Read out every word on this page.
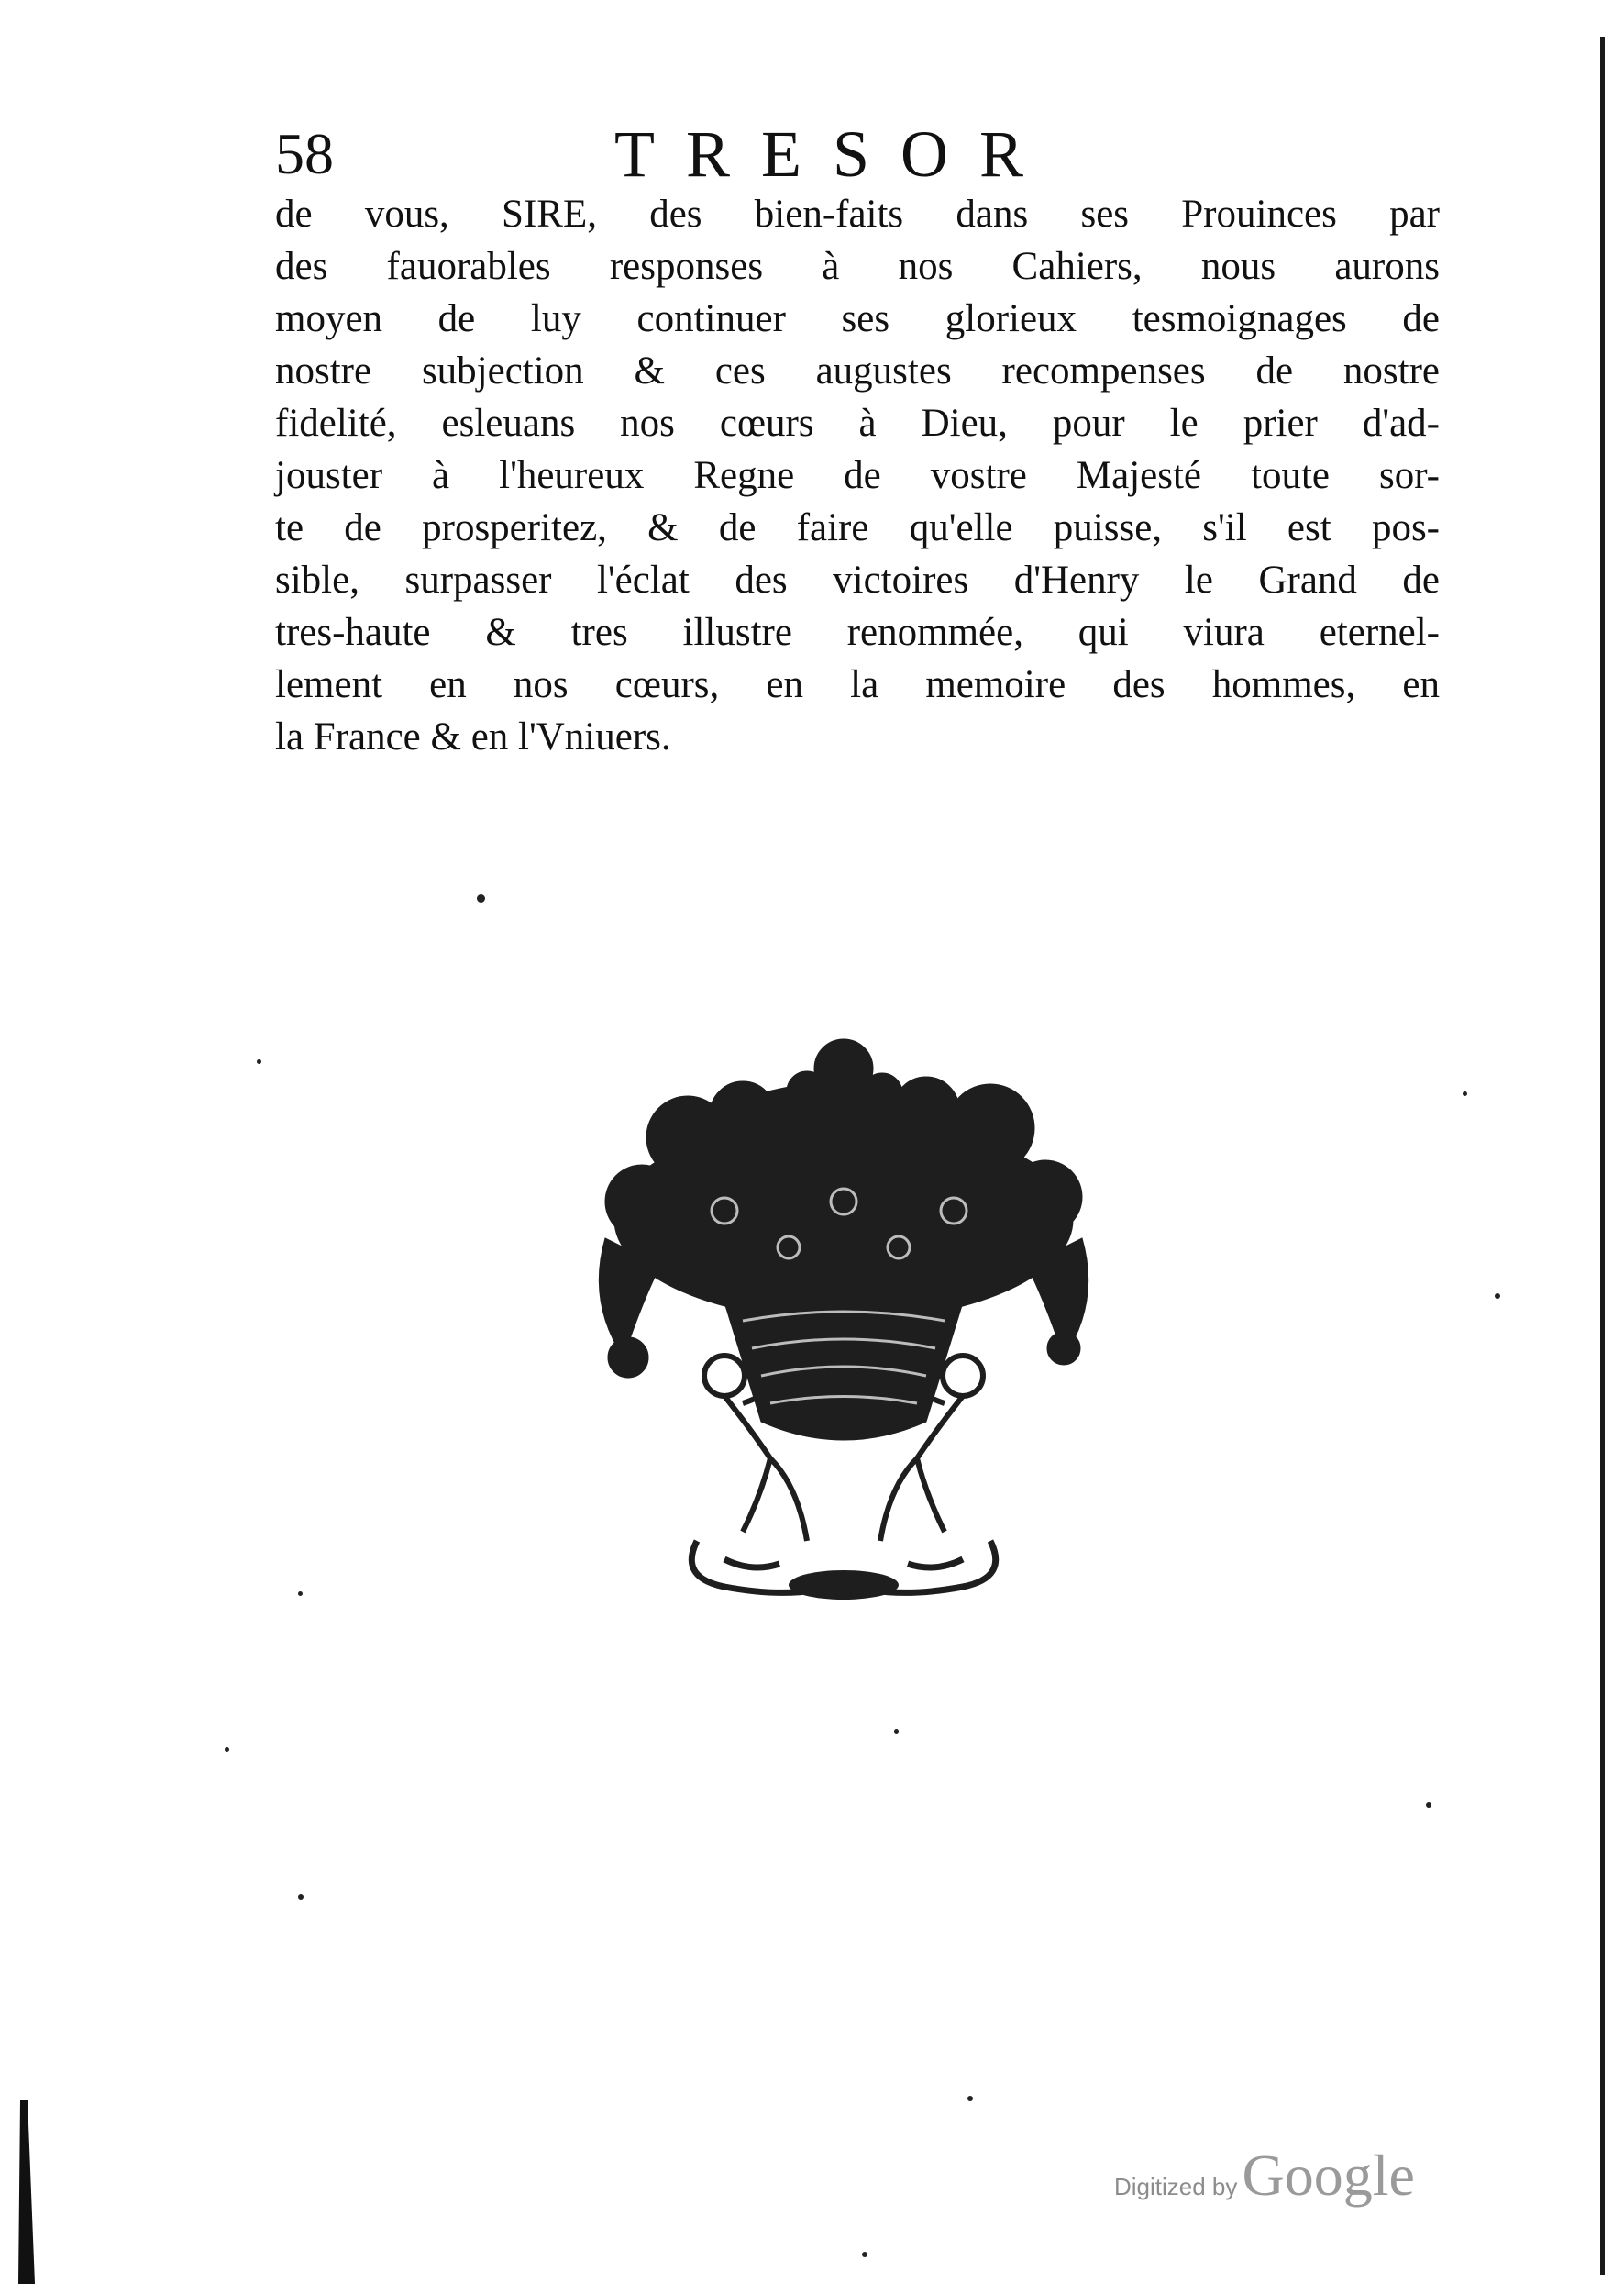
58	TRESOR
de vous, SIRE, des bien-faits dans ses Prouinces par
des fauorables responses à nos Cahiers, nous aurons
moyen de luy continuer ses glorieux tesmoignages de
nostre subjection & ces augustes recompenses de nostre
fidelité, esleuans nos cœurs à Dieu, pour le prier d'ad-
jouster à l'heureux Regne de vostre Majesté toute sor-
te de prosperitez, & de faire qu'elle puisse, s'il est pos-
sible, surpasser l'éclat des victoires d'Henry le Grand de
tres-haute & tres illustre renommée, qui viura eternel-
lement en nos cœurs, en la memoire des hommes, en
la France & en l'Vniuers.
Digitized by Google
